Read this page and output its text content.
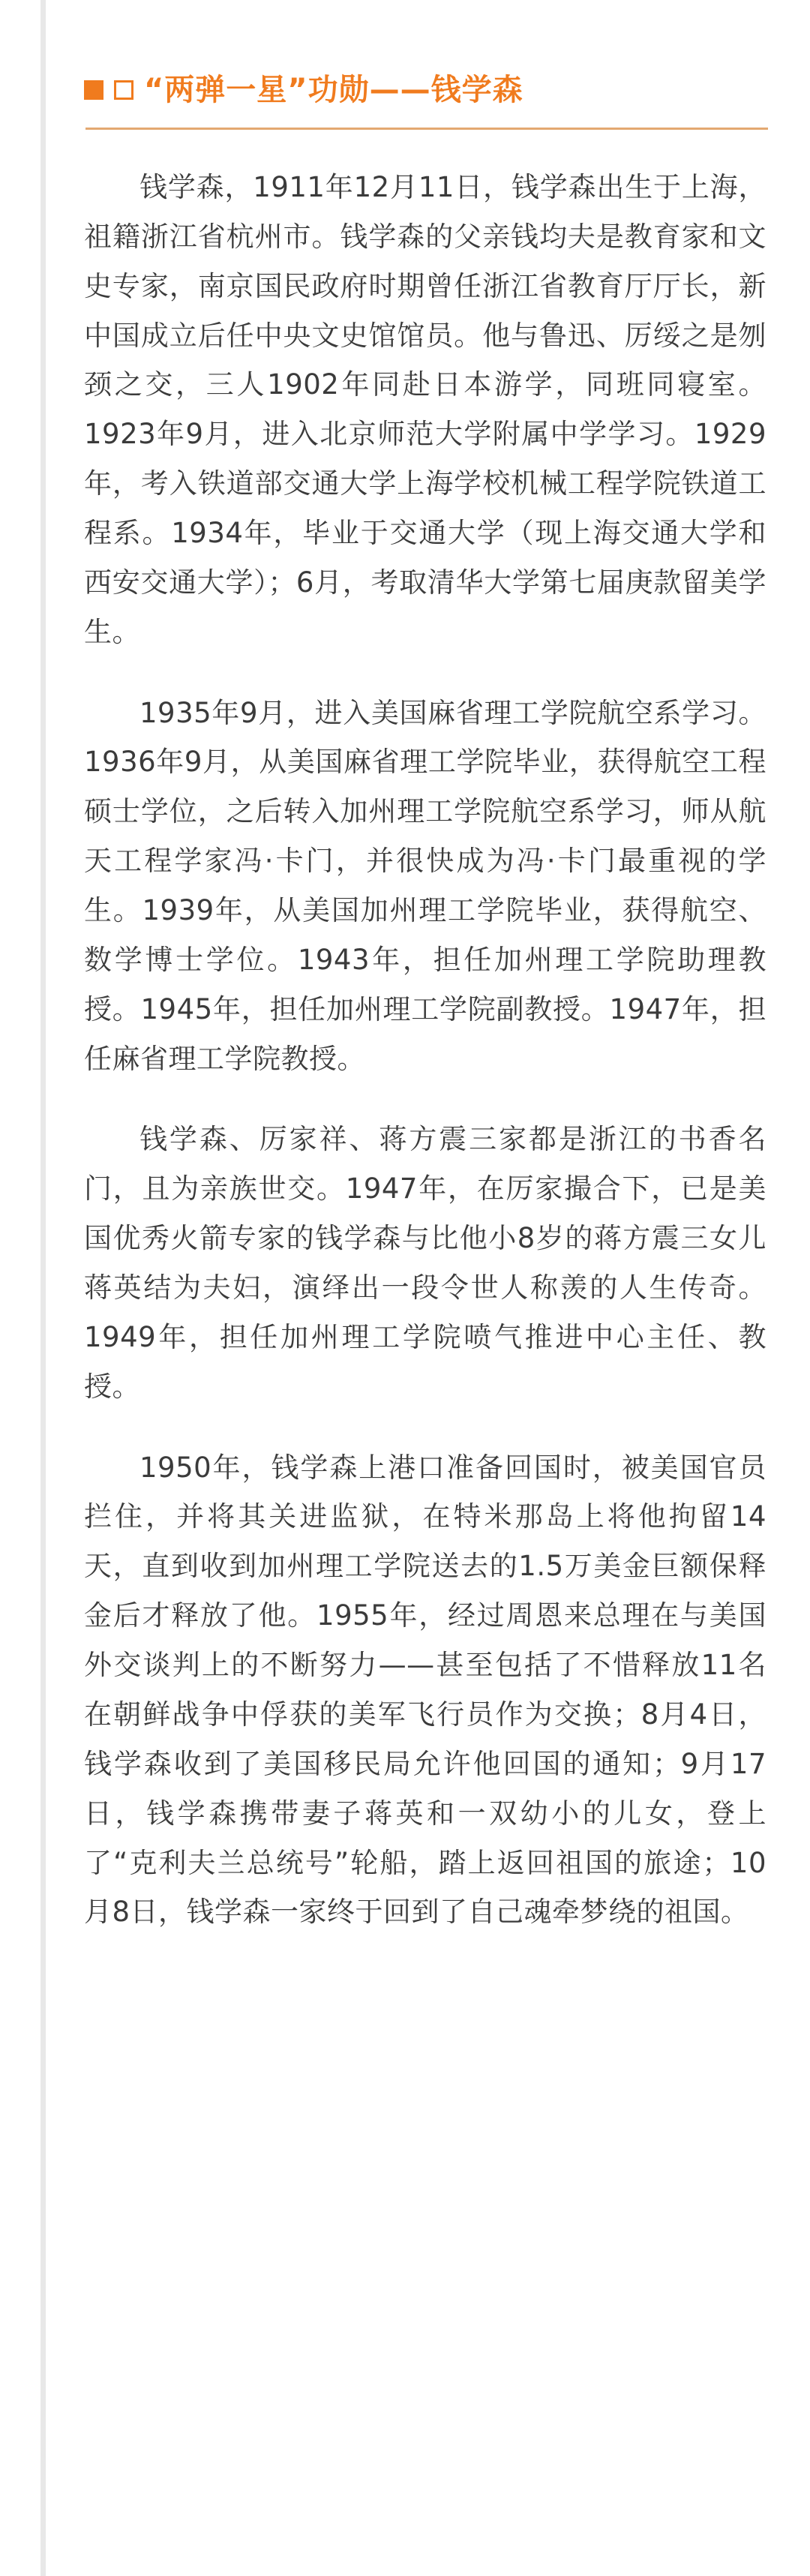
“两弹一星”功勋——钱学森

钱学森，1911年12月11日，钱学森出生于上海，祖籍浙江省杭州市。钱学森的父亲钱均夫是教育家和文史专家，南京国民政府时期曾任浙江省教育厅厅长，新中国成立后任中央文史馆馆员。他与鲁迅、厉绥之是刎颈之交，三人1902年同赴日本游学，同班同寝室。1923年9月，进入北京师范大学附属中学学习。1929年，考入铁道部交通大学上海学校机械工程学院铁道工程系。1934年，毕业于交通大学（现上海交通大学和西安交通大学）；6月，考取清华大学第七届庚款留美学生。

1935年9月，进入美国麻省理工学院航空系学习。1936年9月，从美国麻省理工学院毕业，获得航空工程硕士学位，之后转入加州理工学院航空系学习，师从航天工程学家冯·卡门，并很快成为冯·卡门最重视的学生。1939年，从美国加州理工学院毕业，获得航空、数学博士学位。1943年，担任加州理工学院助理教授。1945年，担任加州理工学院副教授。1947年，担任麻省理工学院教授。

钱学森、厉家祥、蒋方震三家都是浙江的书香名门，且为亲族世交。1947年，在厉家撮合下，已是美国优秀火箭专家的钱学森与比他小8岁的蒋方震三女儿蒋英结为夫妇，演绎出一段令世人称羡的人生传奇。1949年，担任加州理工学院喷气推进中心主任、教授。

1950年，钱学森上港口准备回国时，被美国官员拦住，并将其关进监狱，在特米那岛上将他拘留14天，直到收到加州理工学院送去的1.5万美金巨额保释金后才释放了他。1955年，经过周恩来总理在与美国外交谈判上的不断努力——甚至包括了不惜释放11名在朝鲜战争中俘获的美军飞行员作为交换；8月4日，钱学森收到了美国移民局允许他回国的通知；9月17日，钱学森携带妻子蒋英和一双幼小的儿女，登上了“克利夫兰总统号”轮船，踏上返回祖国的旅途；10月8日，钱学森一家终于回到了自己魂牵梦绕的祖国。
